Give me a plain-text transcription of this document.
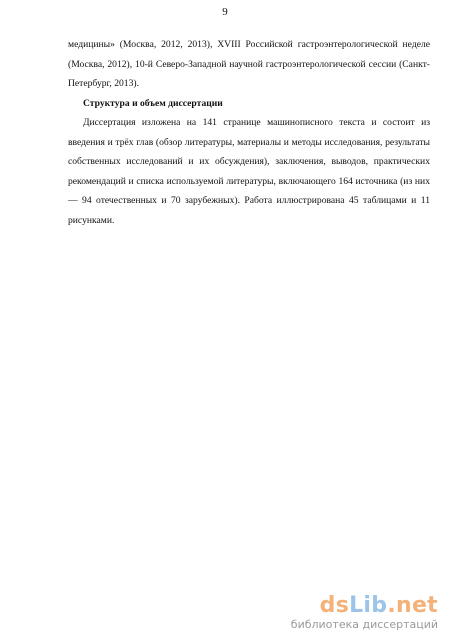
9

медицины» (Москва, 2012, 2013), XVIII Российской гастроэнтерологической неделе (Москва, 2012), 10-й Северо-Западной научной гастроэнтерологической сессии (Санкт-Петербург, 2013).

Структура и объем диссертации

Диссертация изложена на 141 странице машинописного текста и состоит из введения и трёх глав (обзор литературы, материалы и методы исследования, результаты собственных исследований и их обсуждения), заключения, выводов, практических рекомендаций и списка используемой литературы, включающего 164 источника (из них — 94 отечественных и 70 зарубежных). Работа иллюстрирована 45 таблицами и 11 рисунками.

dsLib.net
библиотека диссертаций
